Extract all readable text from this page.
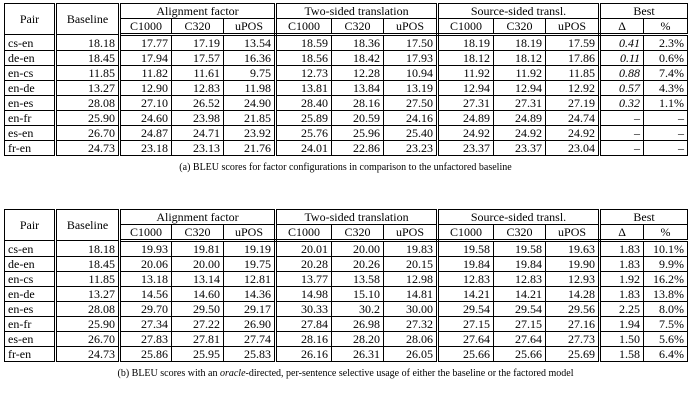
Pair	Baseline	Alignment factor			Two-sided translation			Source-sided transl.			Best	
		C1000	C320	uPOS	C1000	C320	uPOS	C1000	C320	uPOS	Δ	%
cs-en	18.18	17.77	17.19	13.54	18.59	18.36	17.50	18.19	18.19	17.59	0.41	2.3%
de-en	18.45	17.94	17.57	16.36	18.56	18.42	17.93	18.12	18.12	17.86	0.11	0.6%
en-cs	11.85	11.82	11.61	9.75	12.73	12.28	10.94	11.92	11.92	11.85	0.88	7.4%
en-de	13.27	12.90	12.83	11.98	13.81	13.84	13.19	12.94	12.94	12.92	0.57	4.3%
en-es	28.08	27.10	26.52	24.90	28.40	28.16	27.50	27.31	27.31	27.19	0.32	1.1%
en-fr	25.90	24.60	23.98	21.85	25.89	20.59	24.16	24.89	24.89	24.74	–	–
es-en	26.70	24.87	24.71	23.92	25.76	25.96	25.40	24.92	24.92	24.92	–	–
fr-en	24.73	23.18	23.13	21.76	24.01	22.86	23.23	23.37	23.37	23.04	–	–
(a) BLEU scores for factor configurations in comparison to the unfactored baseline
Pair	Baseline	Alignment factor			Two-sided translation			Source-sided transl.			Best	
		C1000	C320	uPOS	C1000	C320	uPOS	C1000	C320	uPOS	Δ	%
cs-en	18.18	19.93	19.81	19.19	20.01	20.00	19.83	19.58	19.58	19.63	1.83	10.1%
de-en	18.45	20.06	20.00	19.75	20.28	20.26	20.15	19.84	19.84	19.90	1.83	9.9%
en-cs	11.85	13.18	13.14	12.81	13.77	13.58	12.98	12.83	12.83	12.93	1.92	16.2%
en-de	13.27	14.56	14.60	14.36	14.98	15.10	14.81	14.21	14.21	14.28	1.83	13.8%
en-es	28.08	29.70	29.50	29.17	30.33	30.2	30.00	29.54	29.54	29.56	2.25	8.0%
en-fr	25.90	27.34	27.22	26.90	27.84	26.98	27.32	27.15	27.15	27.16	1.94	7.5%
es-en	26.70	27.83	27.81	27.74	28.16	28.20	28.06	27.64	27.64	27.73	1.50	5.6%
fr-en	24.73	25.86	25.95	25.83	26.16	26.31	26.05	25.66	25.66	25.69	1.58	6.4%
(b) BLEU scores with an oracle-directed, per-sentence selective usage of either the baseline or the factored model
